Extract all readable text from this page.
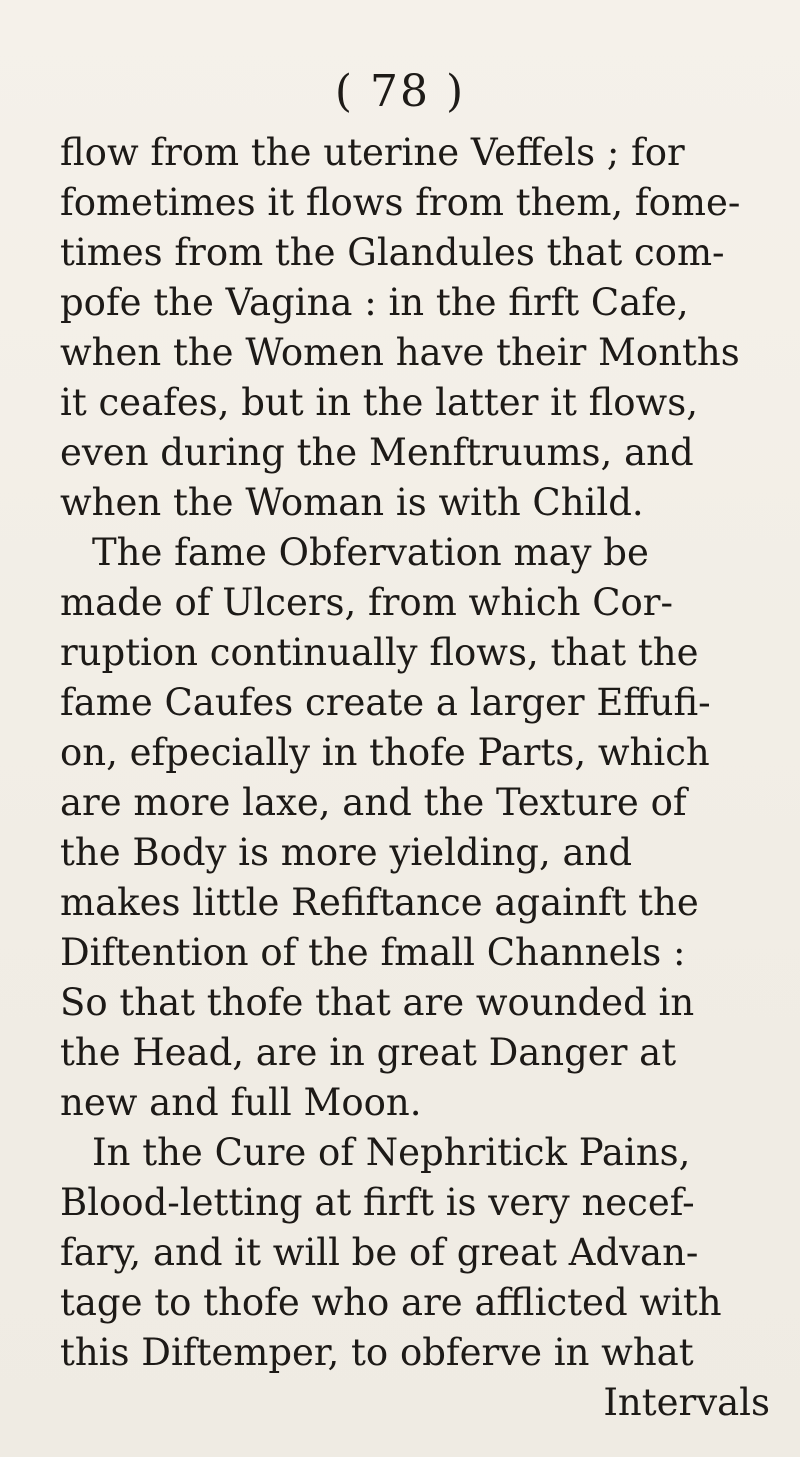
( 78 )
flow from the uterine Veffels ; for
fometimes it flows from them, fome-
times from the Glandules that com-
pofe the Vagina : in the firft Cafe,
when the Women have their Months
it ceafes, but in the latter it flows,
even during the Menftruums, and
when the Woman is with Child.
The fame Obfervation may be
made of Ulcers, from which Cor-
ruption continually flows, that the
fame Caufes create a larger Effufi-
on, efpecially in thofe Parts, which
are more laxe, and the Texture of
the Body is more yielding, and
makes little Refiftance againft the
Diftention of the fmall Channels :
So that thofe that are wounded in
the Head, are in great Danger at
new and full Moon.
In the Cure of Nephritick Pains,
Blood-letting at firft is very necef-
fary, and it will be of great Advan-
tage to thofe who are afflicted with
this Diftemper, to obferve in what
Intervals
